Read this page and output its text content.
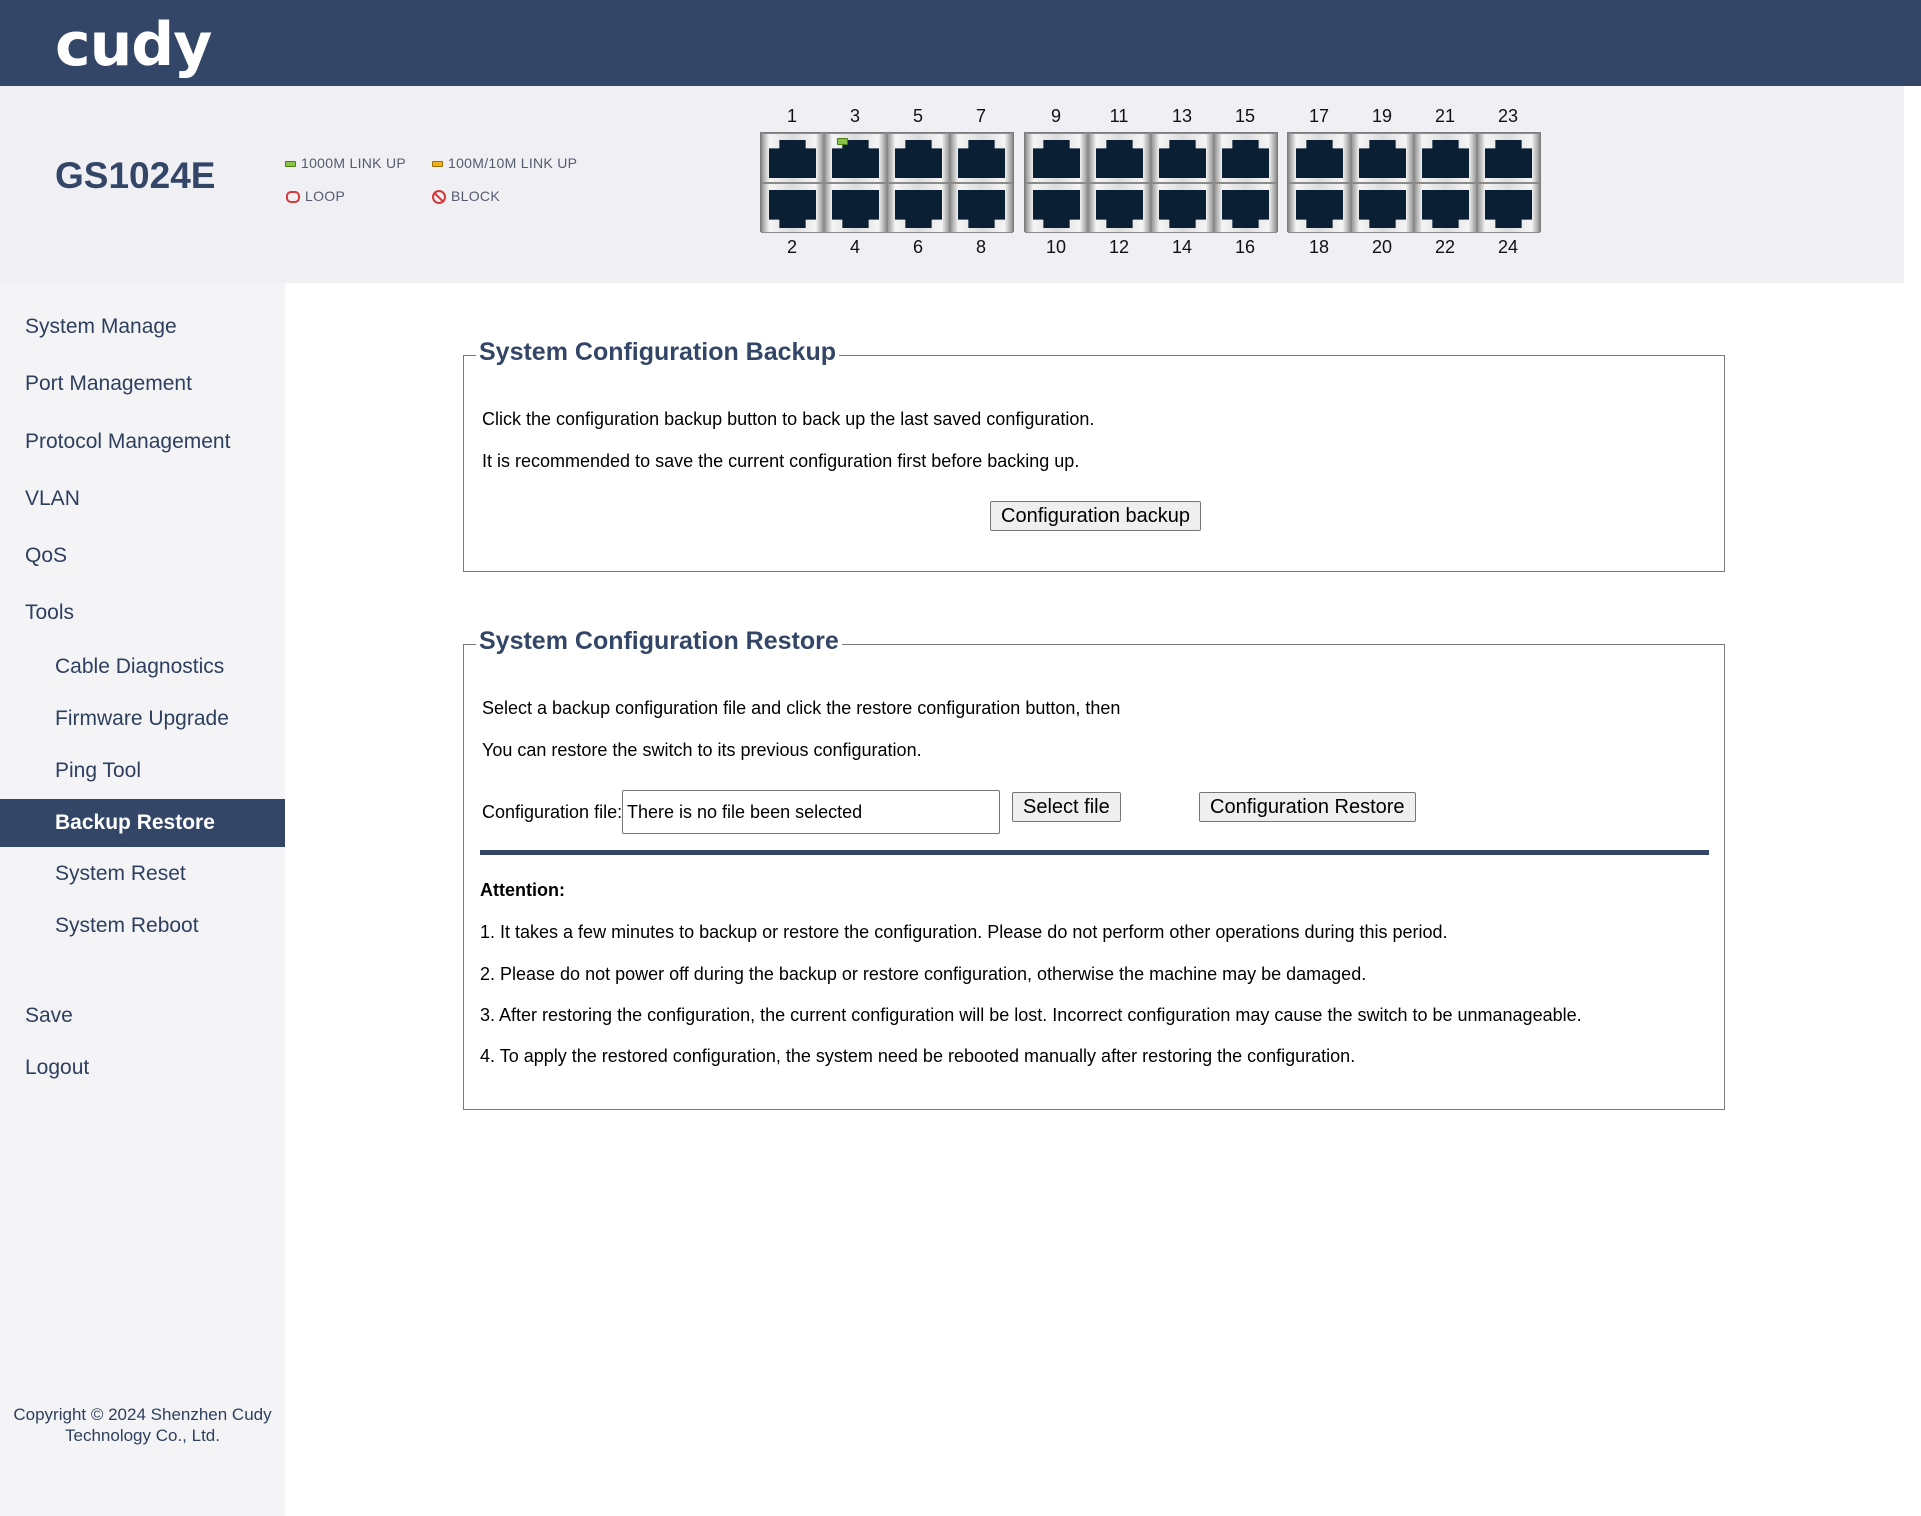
cudy
GS1024E	1000M LINK UP	100M/10M LINK UP
LOOP	BLOCK
System Manage
Port Management
Protocol Management
VLAN
QoS
Tools
Cable Diagnostics
Firmware Upgrade
Ping Tool
Backup Restore
System Reset
System Reboot
Save
Logout
Copyright © 2024 Shenzhen Cudy Technology Co., Ltd.
System Configuration Backup
Click the configuration backup button to back up the last saved configuration.
It is recommended to save the current configuration first before backing up.
Configuration backup
System Configuration Restore
Select a backup configuration file and click the restore configuration button, then
You can restore the switch to its previous configuration.
Configuration file: There is no file been selected	Select file	Configuration Restore
Attention:
1. It takes a few minutes to backup or restore the configuration. Please do not perform other operations during this period.
2. Please do not power off during the backup or restore configuration, otherwise the machine may be damaged.
3. After restoring the configuration, the current configuration will be lost. Incorrect configuration may cause the switch to be unmanageable.
4. To apply the restored configuration, the system need be rebooted manually after restoring the configuration.
1	3	5	7
2	4	6	8
9	11	13	15
10	12	14	16
17	19	21	23
18	20	22	24
